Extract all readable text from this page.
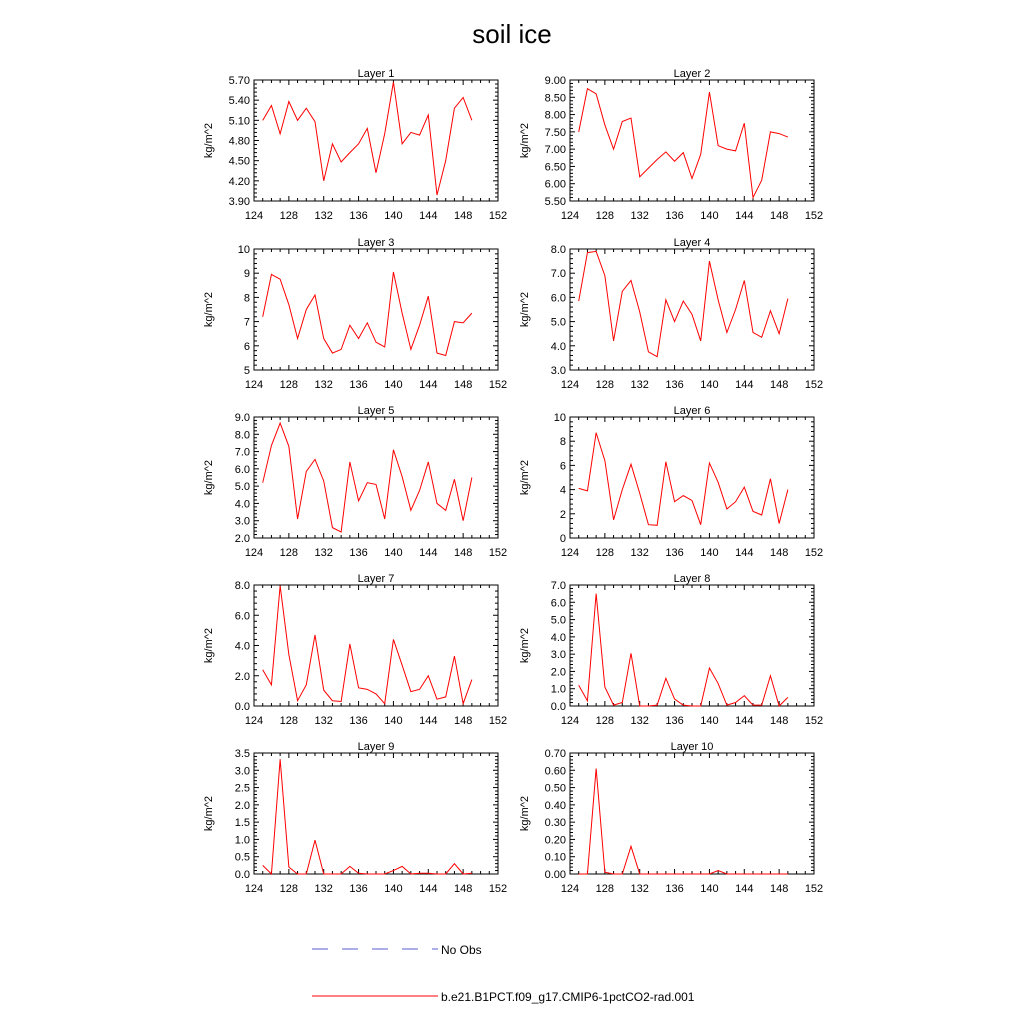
soil ice
Layer 1
kg/m^2
124 128 132 136 140 144 148 152
3.90
4.20
4.50
4.80
5.10
5.40
5.70
Layer 2
kg/m^2
124 128 132 136 140 144 148 152
5.50
6.00
6.50
7.00
7.50
8.00
8.50
9.00
Layer 3
kg/m^2
124 128 132 136 140 144 148 152
5
6
7
8
9
10
Layer 4
kg/m^2
124 128 132 136 140 144 148 152
3.0
4.0
5.0
6.0
7.0
8.0
Layer 5
kg/m^2
124 128 132 136 140 144 148 152
2.0
3.0
4.0
5.0
6.0
7.0
8.0
9.0
Layer 6
kg/m^2
124 128 132 136 140 144 148 152
0
2
4
6
8
10
Layer 7
kg/m^2
124 128 132 136 140 144 148 152
0.0
2.0
4.0
6.0
8.0
Layer 8
kg/m^2
124 128 132 136 140 144 148 152
0.0
1.0
2.0
3.0
4.0
5.0
6.0
7.0
Layer 9
kg/m^2
124 128 132 136 140 144 148 152
0.0
0.5
1.0
1.5
2.0
2.5
3.0
3.5
Layer 10
kg/m^2
124 128 132 136 140 144 148 152
0.00
0.10
0.20
0.30
0.40
0.50
0.60
0.70
No Obs
b.e21.B1PCT.f09_g17.CMIP6-1pctCO2-rad.001
